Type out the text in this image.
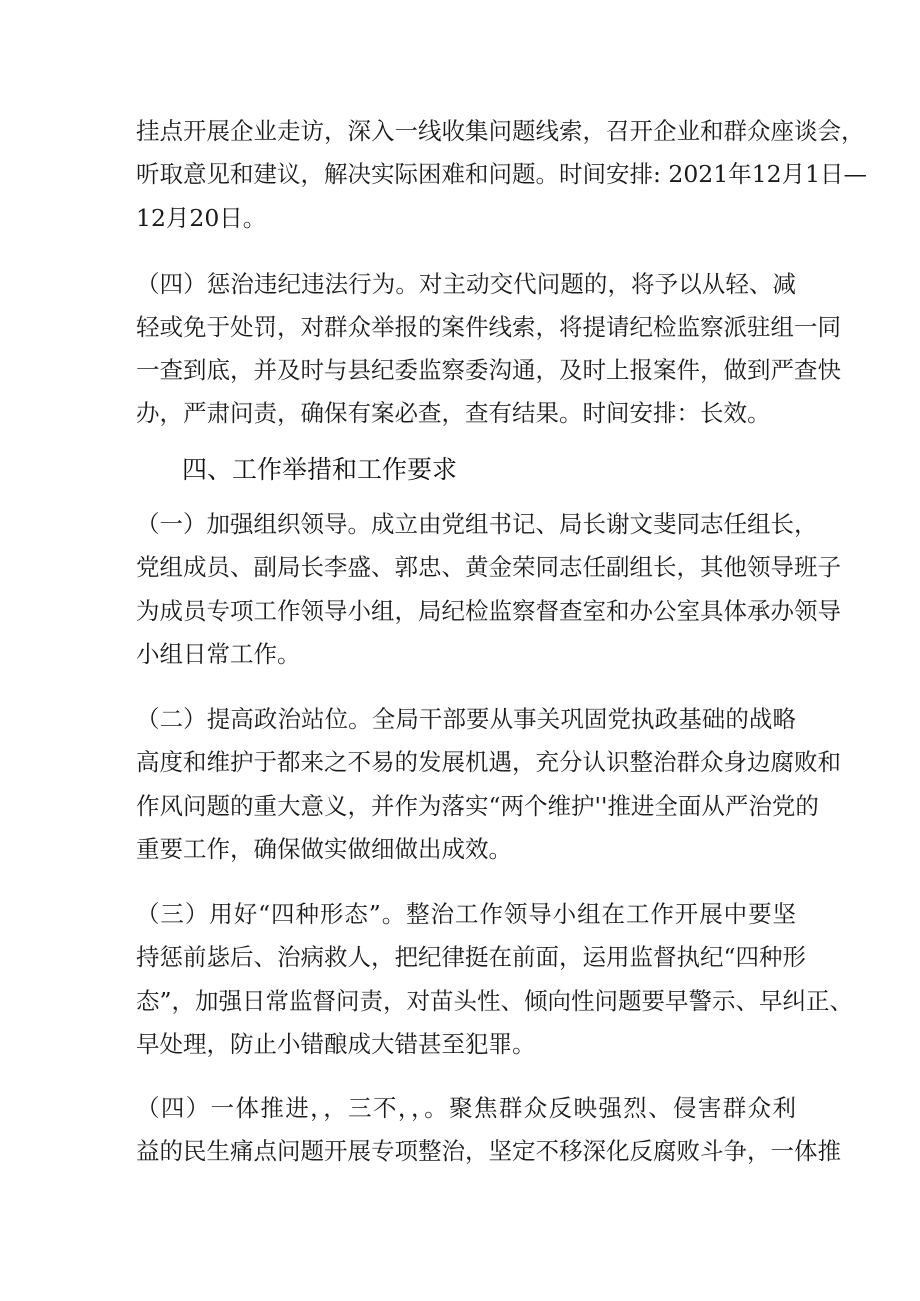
挂点开展企业走访，深入一线收集问题线索，召开企业和群众座谈会，
听取意见和建议，解决实际困难和问题。时间安排: 2021年12月1日—
12月20日。
（四）惩治违纪违法行为。对主动交代问题的，将予以从轻、减
轻或免于处罚，对群众举报的案件线索，将提请纪检监察派驻组一同
一查到底，并及时与县纪委监察委沟通，及时上报案件，做到严查快
办，严肃问责，确保有案必查，查有结果。时间安排：长效。
四、工作举措和工作要求
（一）加强组织领导。成立由党组书记、局长谢文斐同志任组长，
党组成员、副局长李盛、郭忠、黄金荣同志任副组长，其他领导班子
为成员专项工作领导小组，局纪检监察督查室和办公室具体承办领导
小组日常工作。
（二）提高政治站位。全局干部要从事关巩固党执政基础的战略
高度和维护于都来之不易的发展机遇，充分认识整治群众身边腐败和
作风问题的重大意义，并作为落实“两个维护''推进全面从严治党的
重要工作，确保做实做细做出成效。
（三）用好“四种形态”。整治工作领导小组在工作开展中要坚
持惩前毖后、治病救人，把纪律挺在前面，运用监督执纪“四种形
态”，加强日常监督问责，对苗头性、倾向性问题要早警示、早纠正、
早处理，防止小错酿成大错甚至犯罪。
（四）一体推进，，三不，，。聚焦群众反映强烈、侵害群众利
益的民生痛点问题开展专项整治，坚定不移深化反腐败斗争，一体推
